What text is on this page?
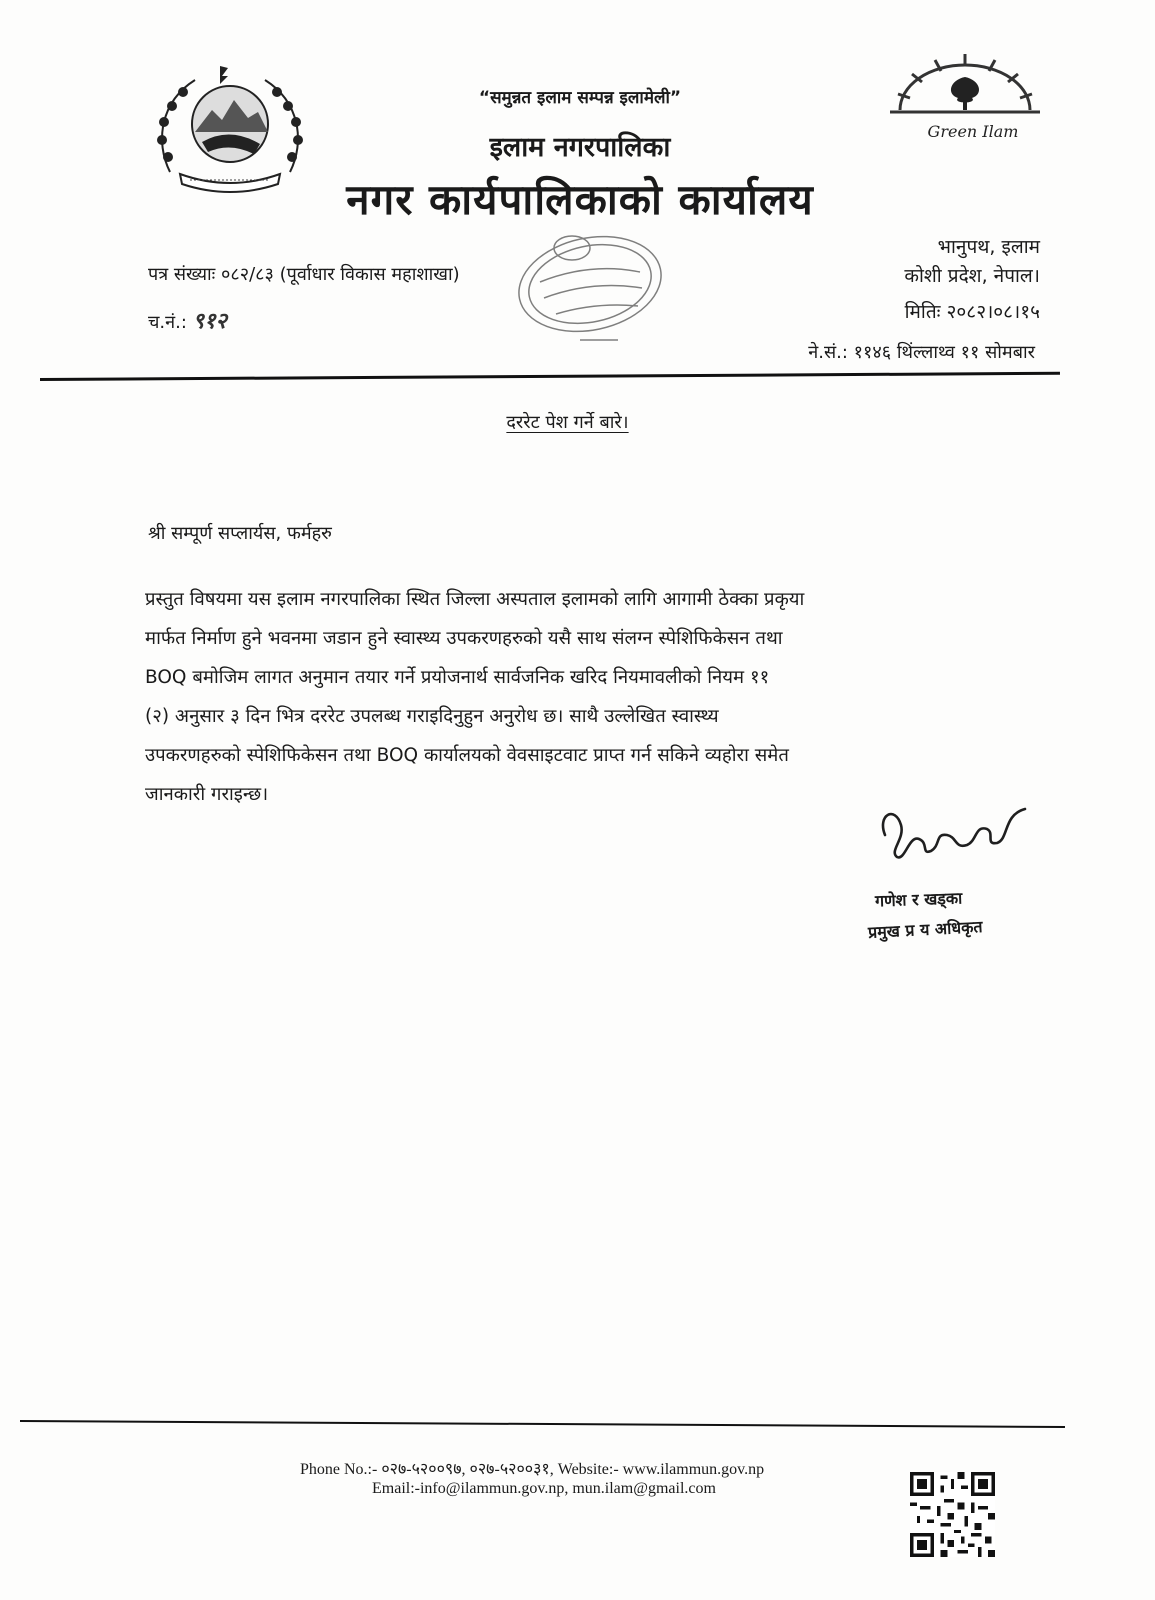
Green Ilam
“समुन्नत इलाम सम्पन्न इलामेली”
इलाम नगरपालिका
नगर कार्यपालिकाको कार्यालय
भानुपथ, इलाम
कोशी प्रदेश, नेपाल।
पत्र संख्याः ०८२/८३ (पूर्वाधार विकास महाशाखा)
च.नं.: ९१२	मितिः २०८२।०८।१५
ने.सं.: ११४६ थिंल्लाथ्व ११ सोमबार
दररेट पेश गर्ने बारे।
श्री सम्पूर्ण सप्लार्यस, फर्महरु
प्रस्तुत विषयमा यस इलाम नगरपालिका स्थित जिल्ला अस्पताल इलामको लागि आगामी ठेक्का प्रकृया
मार्फत निर्माण हुने भवनमा जडान हुने स्वास्थ्य उपकरणहरुको यसै साथ संलग्न स्पेशिफिकेसन तथा
BOQ बमोजिम लागत अनुमान तयार गर्ने प्रयोजनार्थ सार्वजनिक खरिद नियमावलीको नियम ११
(२) अनुसार ३ दिन भित्र दररेट उपलब्ध गराइदिनुहुन अनुरोध छ। साथै उल्लेखित स्वास्थ्य
उपकरणहरुको स्पेशिफिकेसन तथा BOQ कार्यालयको वेवसाइटवाट प्राप्त गर्न सकिने व्यहोरा समेत
जानकारी गराइन्छ।
गणेश र खड्का
प्रमुख प्र य अधिकृत
Phone No.:- ०२७-५२००९७, ०२७-५२००३१, Website:- www.ilammun.gov.np
Email:-info@ilammun.gov.np, mun.ilam@gmail.com
